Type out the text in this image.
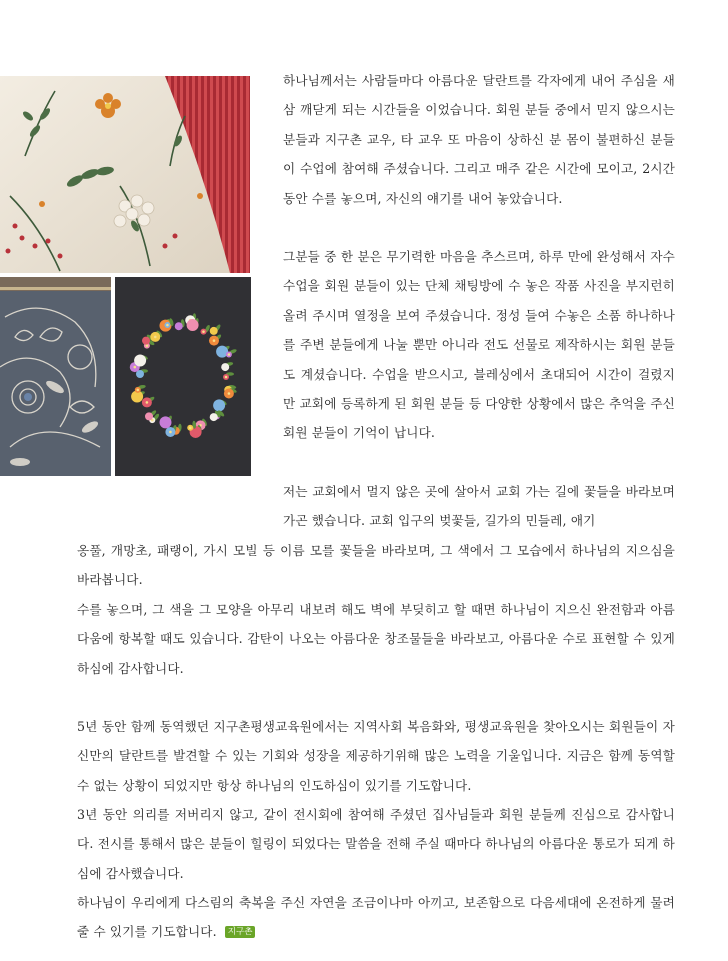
하나님께서는 사람들마다 아름다운 달란트를 각자에게 내어 주심을 새삼 깨닫게 되는 시간들을 이었습니다. 회원 분들 중에서 믿지 않으시는 분들과 지구촌 교우, 타 교우 또 마음이 상하신 분 몸이 불편하신 분들이 수업에 참여해 주셨습니다. 그리고 매주 같은 시간에 모이고, 2시간 동안 수를 놓으며, 자신의 얘기를 내어 놓았습니다.

그분들 중 한 분은 무기력한 마음을 추스르며, 하루 만에 완성해서 자수 수업을 회원 분들이 있는 단체 채팅방에 수 놓은 작품 사진을 부지런히 올려 주시며 열정을 보여 주셨습니다. 정성 들여 수놓은 소품 하나하나를 주변 분들에게 나눌 뿐만 아니라 전도 선물로 제작하시는 회원 분들도 계셨습니다. 수업을 받으시고, 블레싱에서 초대되어 시간이 걸렸지만 교회에 등록하게 된 회원 분들 등 다양한 상황에서 많은 추억을 주신 회원 분들이 기억이 납니다.

저는 교회에서 멀지 않은 곳에 살아서 교회 가는 길에 꽃들을 바라보며 가곤 했습니다. 교회 입구의 벚꽃들, 길가의 민들레, 애기

옹풀, 개망초, 패랭이, 가시 모빌 등 이름 모를 꽃들을 바라보며, 그 색에서 그 모습에서 하나님의 지으심을 바라봅니다.

수를 놓으며, 그 색을 그 모양을 아무리 내보려 해도 벽에 부딪히고 할 때면 하나님이 지으신 완전함과 아름다움에 항복할 때도 있습니다. 감탄이 나오는 아름다운 창조물들을 바라보고, 아름다운 수로 표현할 수 있게 하심에 감사합니다.

5년 동안 함께 동역했던 지구촌평생교육원에서는 지역사회 복음화와, 평생교육원을 찾아오시는 회원들이 자신만의 달란트를 발견할 수 있는 기회와 성장을 제공하기위해 많은 노력을 기울입니다. 지금은 함께 동역할 수 없는 상황이 되었지만 항상 하나님의 인도하심이 있기를 기도합니다.

3년 동안 의리를 저버리지 않고, 같이 전시회에 참여해 주셨던 집사님들과 회원 분들께 진심으로 감사합니다. 전시를 통해서 많은 분들이 힐링이 되었다는 말씀을 전해 주실 때마다 하나님의 아름다운 통로가 되게 하심에 감사했습니다.

하나님이 우리에게 다스림의 축복을 주신 자연을 조금이나마 아끼고, 보존함으로 다음세대에 온전하게 물려줄 수 있기를 기도합니다. 지구촌
